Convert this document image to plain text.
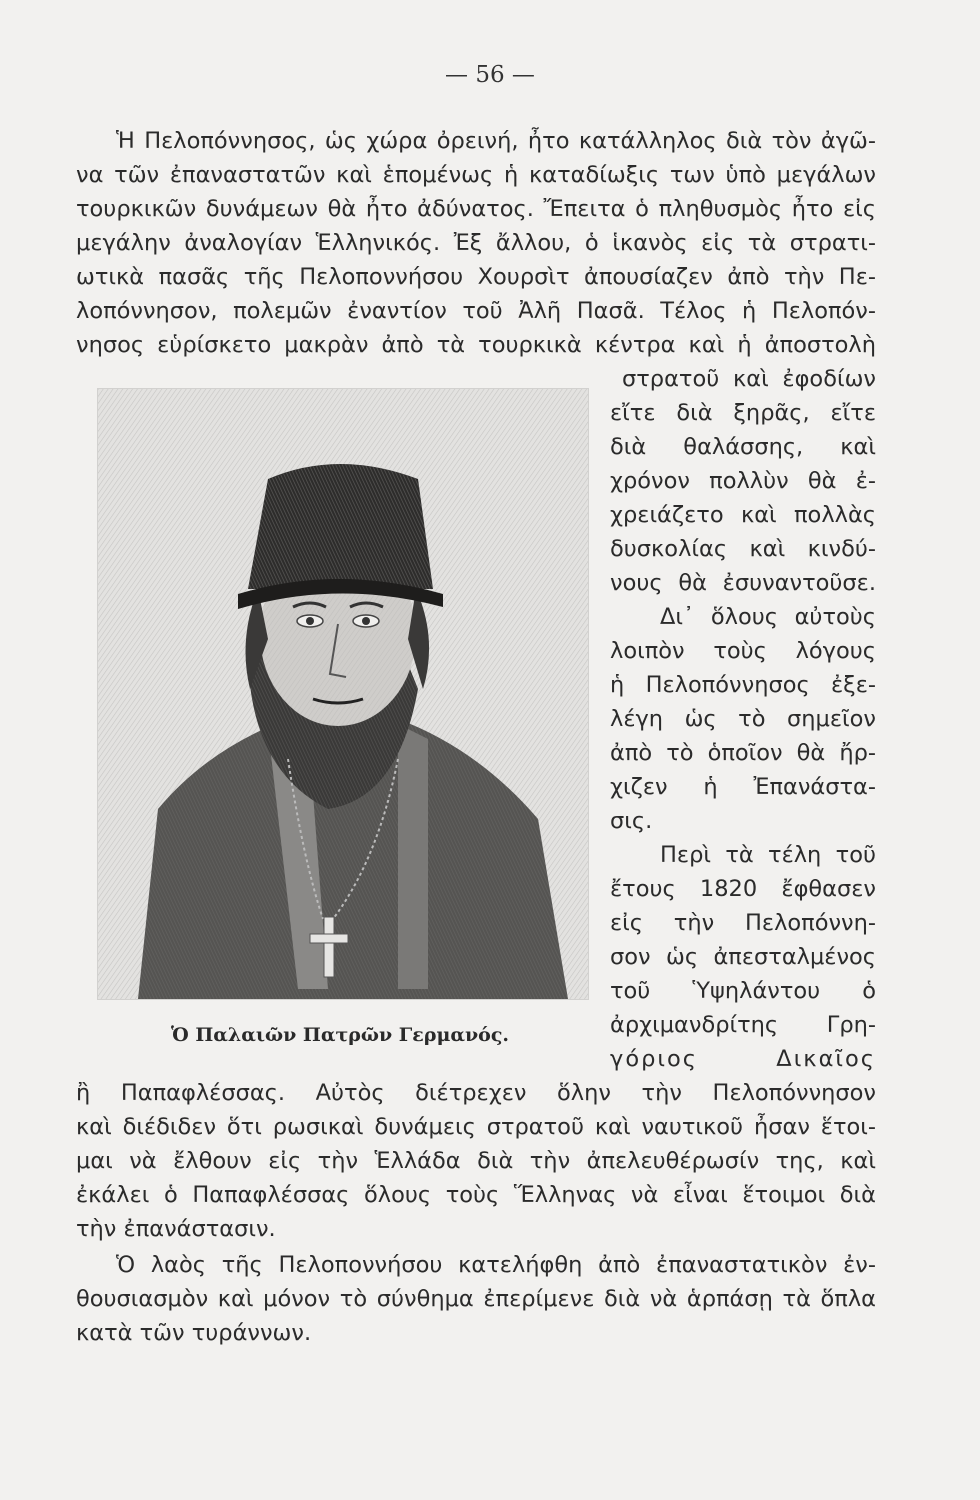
— 56 —
Ἡ Πελοπόννησος, ὡς χώρα ὀρεινή, ἦτο κατάλληλος διὰ τὸν ἀγῶ-
να τῶν ἐπαναστατῶν καὶ ἑπομένως ἡ καταδίωξις των ὑπὸ μεγάλων
τουρκικῶν δυνάμεων θὰ ἦτο ἀδύνατος. Ἔπειτα ὁ πληθυσμὸς ἦτο εἰς
μεγάλην ἀναλογίαν Ἑλληνικός. Ἐξ ἄλλου, ὁ ἱκανὸς εἰς τὰ στρατι-
ωτικὰ πασᾶς τῆς Πελοποννήσου Χουρσὶτ ἀπουσίαζεν ἀπὸ τὴν Πε-
λοπόννησον, πολεμῶν ἐναντίον τοῦ Ἀλῆ Πασᾶ. Τέλος ἡ Πελοπόν-
νησος εὑρίσκετο μακρὰν ἀπὸ τὰ τουρκικὰ κέντρα καὶ ἡ ἀποστολὴ
στρατοῦ καὶ ἐφοδίων
εἴτε διὰ ξηρᾶς, εἴτε
διὰ θαλάσσης, καὶ
χρόνον πολλὺν θὰ ἐ-
χρειάζετο καὶ πολλὰς
δυσκολίας καὶ κινδύ-
νους θὰ ἐσυναντοῦσε.
Δι᾽ ὅλους αὐτοὺς
λοιπὸν τοὺς λόγους
ἡ Πελοπόννησος ἐξε-
λέγη ὡς τὸ σημεῖον
ἀπὸ τὸ ὁποῖον θὰ ἤρ-
χιζεν ἡ Ἐπανάστα-
σις.
Περὶ τὰ τέλη τοῦ
ἔτους 1820 ἔφθασεν
εἰς τὴν Πελοπόννη-
σον ὡς ἀπεσταλμένος
τοῦ Ὑψηλάντου ὁ
ἀρχιμανδρίτης Γρη-
γόριος Δικαῖος
Ὁ Παλαιῶν Πατρῶν Γερμανός.
ἢ Παπαφλέσσας. Αὐτὸς διέτρεχεν ὅλην τὴν Πελοπόννησον
καὶ διέδιδεν ὅτι ρωσικαὶ δυνάμεις στρατοῦ καὶ ναυτικοῦ ἦσαν ἕτοι-
μαι νὰ ἔλθουν εἰς τὴν Ἑλλάδα διὰ τὴν ἀπελευθέρωσίν της, καὶ
ἐκάλει ὁ Παπαφλέσσας ὅλους τοὺς Ἕλληνας νὰ εἶναι ἕτοιμοι διὰ
τὴν ἐπανάστασιν.
Ὁ λαὸς τῆς Πελοποννήσου κατελήφθη ἀπὸ ἐπαναστατικὸν ἐν-
θουσιασμὸν καὶ μόνον τὸ σύνθημα ἐπερίμενε διὰ νὰ ἁρπάσῃ τὰ ὅπλα
κατὰ τῶν τυράννων.
